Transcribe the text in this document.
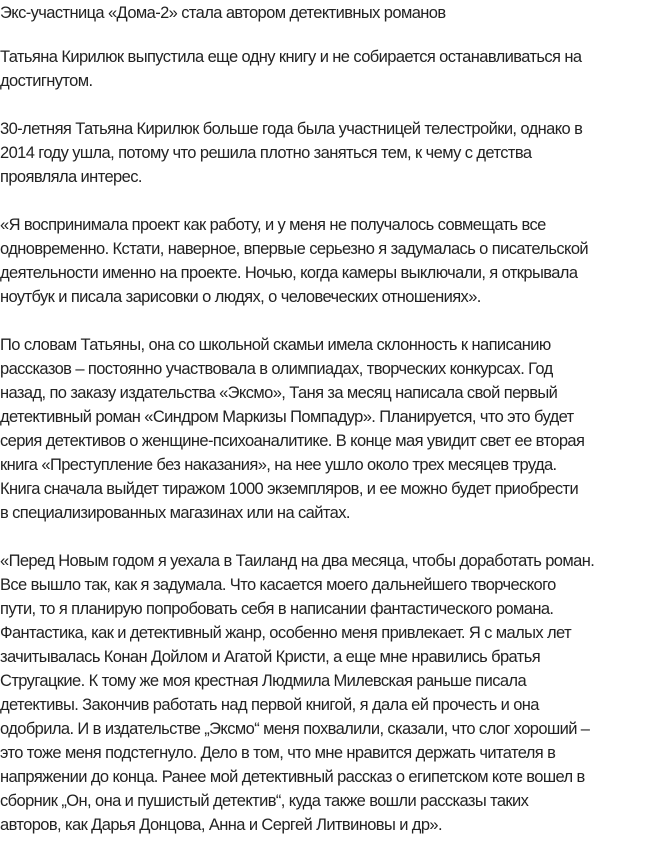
Экс-участница «Дома-2» стала автором детективных романов

Татьяна Кирилюк выпустила еще одну книгу и не собирается останавливаться на
достигнутом.

30-летняя Татьяна Кирилюк больше года была участницей телестройки, однако в
2014 году ушла, потому что решила плотно заняться тем, к чему с детства
проявляла интерес.

«Я воспринимала проект как работу, и у меня не получалось совмещать все
одновременно. Кстати, наверное, впервые серьезно я задумалась о писательской
деятельности именно на проекте. Ночью, когда камеры выключали, я открывала
ноутбук и писала зарисовки о людях, о человеческих отношениях».

По словам Татьяны, она со школьной скамьи имела склонность к написанию
рассказов – постоянно участвовала в олимпиадах, творческих конкурсах. Год
назад, по заказу издательства «Эксмо», Таня за месяц написала свой первый
детективный роман «Синдром Маркизы Помпадур». Планируется, что это будет
серия детективов о женщине-психоаналитике. В конце мая увидит свет ее вторая
книга «Преступление без наказания», на нее ушло около трех месяцев труда.
Книга сначала выйдет тиражом 1000 экземпляров, и ее можно будет приобрести
в специализированных магазинах или на сайтах.

«Перед Новым годом я уехала в Таиланд на два месяца, чтобы доработать роман.
Все вышло так, как я задумала. Что касается моего дальнейшего творческого
пути, то я планирую попробовать себя в написании фантастического романа.
Фантастика, как и детективный жанр, особенно меня привлекает. Я с малых лет
зачитывалась Конан Дойлом и Агатой Кристи, а еще мне нравились братья
Стругацкие. К тому же моя крестная Людмила Милевская раньше писала
детективы. Закончив работать над первой книгой, я дала ей прочесть и она
одобрила. И в издательстве „Эксмо“ меня похвалили, сказали, что слог хороший –
это тоже меня подстегнуло. Дело в том, что мне нравится держать читателя в
напряжении до конца. Ранее мой детективный рассказ о египетском коте вошел в
сборник „Он, она и пушистый детектив“, куда также вошли рассказы таких
авторов, как Дарья Донцова, Анна и Сергей Литвиновы и др».
